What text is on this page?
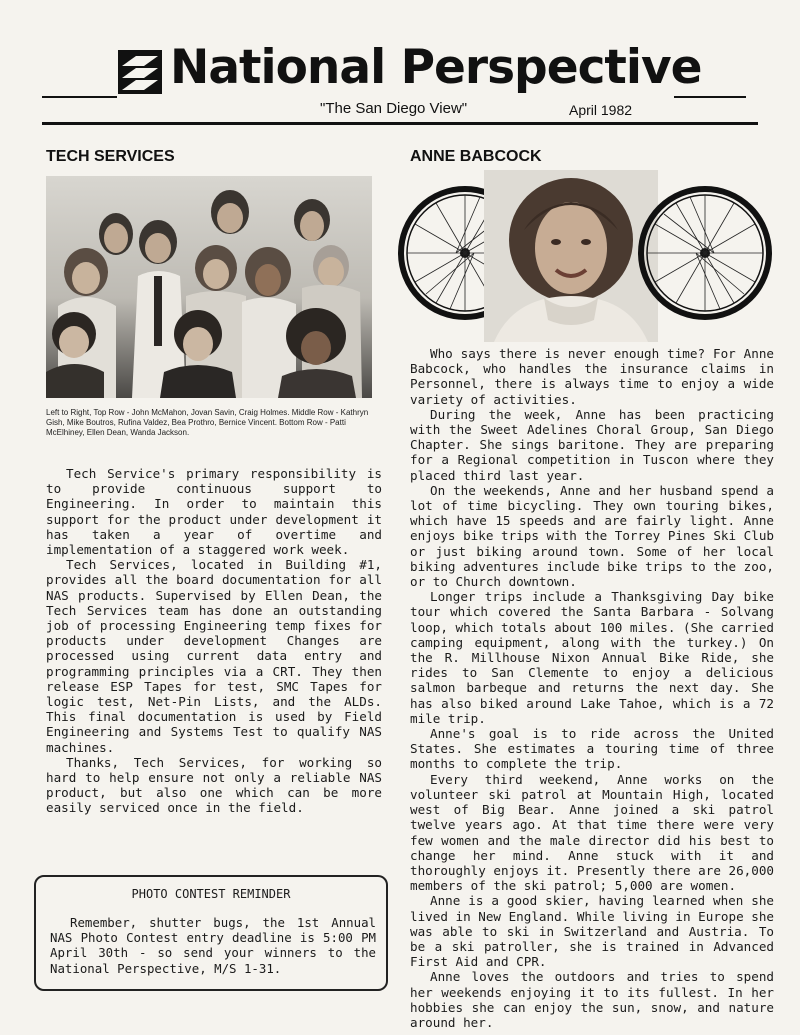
National Perspective
"The San Diego View"	April 1982
TECH SERVICES
Left to Right, Top Row - John McMahon, Jovan Savin, Craig Holmes. Middle Row - Kathryn Gish, Mike Boutros, Rufina Valdez, Bea Prothro, Bernice Vincent. Bottom Row - Patti McElhiney, Ellen Dean, Wanda Jackson.

Tech Service's primary responsibility is to provide continuous support to Engineering. In order to maintain this support for the product under development it has taken a year of overtime and implementation of a staggered work week.

Tech Services, located in Building #1, provides all the board documentation for all NAS products. Supervised by Ellen Dean, the Tech Services team has done an outstanding job of processing Engineering temp fixes for products under development Changes are processed using current data entry and programming principles via a CRT. They then release ESP Tapes for test, SMC Tapes for logic test, Net-Pin Lists, and the ALDs. This final documentation is used by Field Engineering and Systems Test to qualify NAS machines.

Thanks, Tech Services, for working so hard to help ensure not only a reliable NAS product, but also one which can be more easily serviced once in the field.

PHOTO CONTEST REMINDER

Remember, shutter bugs, the 1st Annual NAS Photo Contest entry deadline is 5:00 PM April 30th - so send your winners to the National Perspective, M/S 1-31.

ANNE BABCOCK

Who says there is never enough time? For Anne Babcock, who handles the insurance claims in Personnel, there is always time to enjoy a wide variety of activities.

During the week, Anne has been practicing with the Sweet Adelines Choral Group, San Diego Chapter. She sings baritone. They are preparing for a Regional competition in Tuscon where they placed third last year.

On the weekends, Anne and her husband spend a lot of time bicycling. They own touring bikes, which have 15 speeds and are fairly light. Anne enjoys bike trips with the Torrey Pines Ski Club or just biking around town. Some of her local biking adventures include bike trips to the zoo, or to Church downtown.

Longer trips include a Thanksgiving Day bike tour which covered the Santa Barbara - Solvang loop, which totals about 100 miles. (She carried camping equipment, along with the turkey.) On the R. Millhouse Nixon Annual Bike Ride, she rides to San Clemente to enjoy a delicious salmon barbeque and returns the next day. She has also biked around Lake Tahoe, which is a 72 mile trip.

Anne's goal is to ride across the United States. She estimates a touring time of three months to complete the trip.

Every third weekend, Anne works on the volunteer ski patrol at Mountain High, located west of Big Bear. Anne joined a ski patrol twelve years ago. At that time there were very few women and the male director did his best to change her mind. Anne stuck with it and thoroughly enjoys it. Presently there are 26,000 members of the ski patrol; 5,000 are women.

Anne is a good skier, having learned when she lived in New England. While living in Europe she was able to ski in Switzerland and Austria. To be a ski patroller, she is trained in Advanced First Aid and CPR.

Anne loves the outdoors and tries to spend her weekends enjoying it to its fullest. In her hobbies she can enjoy the sun, snow, and nature around her.
